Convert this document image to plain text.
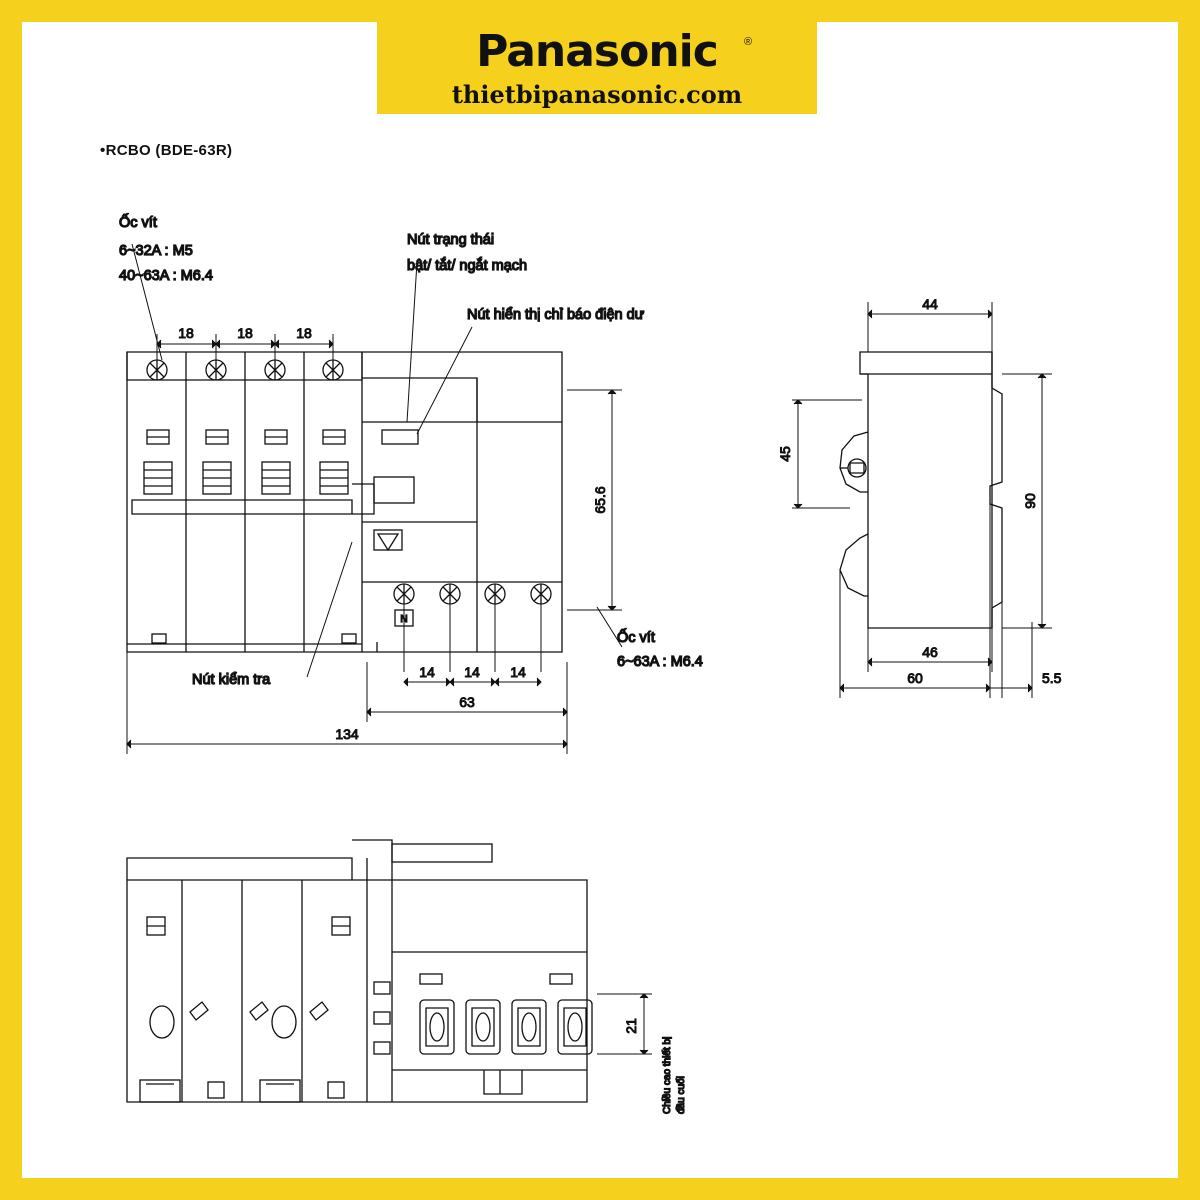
Panasonic	®
thietbipanasonic.com
•RCBO (BDE-63R)
N
18	18	18
65.6
14 14 14
63
134
Ốc vít
6~32A : M5
40~63A : M6.4
Nút trạng thái
bật/ tắt/ ngắt mạch
Nút hiển thị chỉ báo điện dư
Nút kiểm tra
Ốc vít
6~63A : M6.4
44
45
90
46
60	5.5
21
Chiều cao thiết bị đầu cuối
